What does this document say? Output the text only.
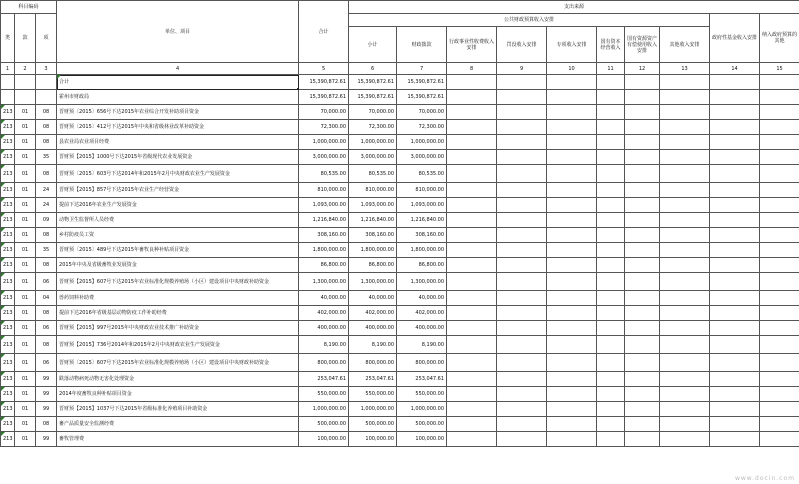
科目编码			单位、项目	合计	支出来源									
类	款	项			公共财政预算收入安排								政府性基金收入安排	纳入政府预算的其他
					小计	财政拨款	行政事业性收费收入安排	罚没收入安排	专项收入安排	国有资本经营收入	国有资源资产有偿使用收入安排	其他收入安排		
1	2	3	4	5	6	7	8	9	10	11	12	13	14	15
			合计	15,390,872.61	15,390,872.61	15,390,872.61								
			霍州市财政局	15,390,872.61	15,390,872.61	15,390,872.61								
213	01	08	晋财预〔2015〕656号下达2015年农业综合开发补助项目资金	70,000.00	70,000.00	70,000.00								
213	01	08	晋财预〔2015〕412号下达2015年中央和省级林业改革补助资金	72,300.00	72,300.00	72,300.00								
213	01	08	县农业局农业项目经费	1,000,000.00	1,000,000.00	1,000,000.00								
213	01	35	晋财预【2015】1000号下达2015年省级现代农业发展资金	3,000,000.00	3,000,000.00	3,000,000.00								
213	01	08	晋财预〔2015〕603号下达2014年和2015年2月中央财政农业生产发展资金	80,535.00	80,535.00	80,535.00								
213	01	24	晋财预【2015】857号下达2015年农业生产经营资金	810,000.00	810,000.00	810,000.00								
213	01	24	提前下达2016年农业生产发展资金	1,093,000.00	1,093,000.00	1,093,000.00								
213	01	09	动物卫生监督所人员经费	1,216,840.00	1,216,840.00	1,216,840.00								
213	01	08	乡村防疫员工资	308,160.00	308,160.00	308,160.00								
213	01	35	晋财预〔2015〕489号下达2015年畜牧良种补贴项目资金	1,800,000.00	1,800,000.00	1,800,000.00								
213	01	08	2015年中央及省级畜牧业发展资金	86,800.00	86,800.00	86,800.00								
213	01	06	晋财预【2015】607号下达2015年农业标准化规模养殖场（小区）建设项目中央财政补助资金	1,300,000.00	1,300,000.00	1,300,000.00								
213	01	04	兽药饲料补助费	40,000.00	40,000.00	40,000.00								
213	01	08	提前下达2016年省级基层动物防疫工作补助经费	402,000.00	402,000.00	402,000.00								
213	01	06	晋财预【2015】997号2015年中央财政农业技术推广补助资金	400,000.00	400,000.00	400,000.00								
213	01	08	晋财预【2015】736号2014年和2015年2月中央财政农业生产发展资金	8,190.00	8,190.00	8,190.00								
213	01	06	晋财预〔2015〕607号下达2015年农业标准化规模养殖场（小区）建设项目中央财政补助资金	800,000.00	800,000.00	800,000.00								
213	01	99	跌落动物病死动物无害化处理资金	253,047.61	253,047.61	253,047.61								
213	01	99	2014年度畜牧良种补贴项目资金	550,000.00	550,000.00	550,000.00								
213	01	99	晋财预【2015】1037号下达2015年省级标准化养殖项目补助资金	1,000,000.00	1,000,000.00	1,000,000.00								
213	01	08	畜产品质量安全监测经费	500,000.00	500,000.00	500,000.00								
213	01	99	畜牧管理费	100,000.00	100,000.00	100,000.00								
www.docin.com
